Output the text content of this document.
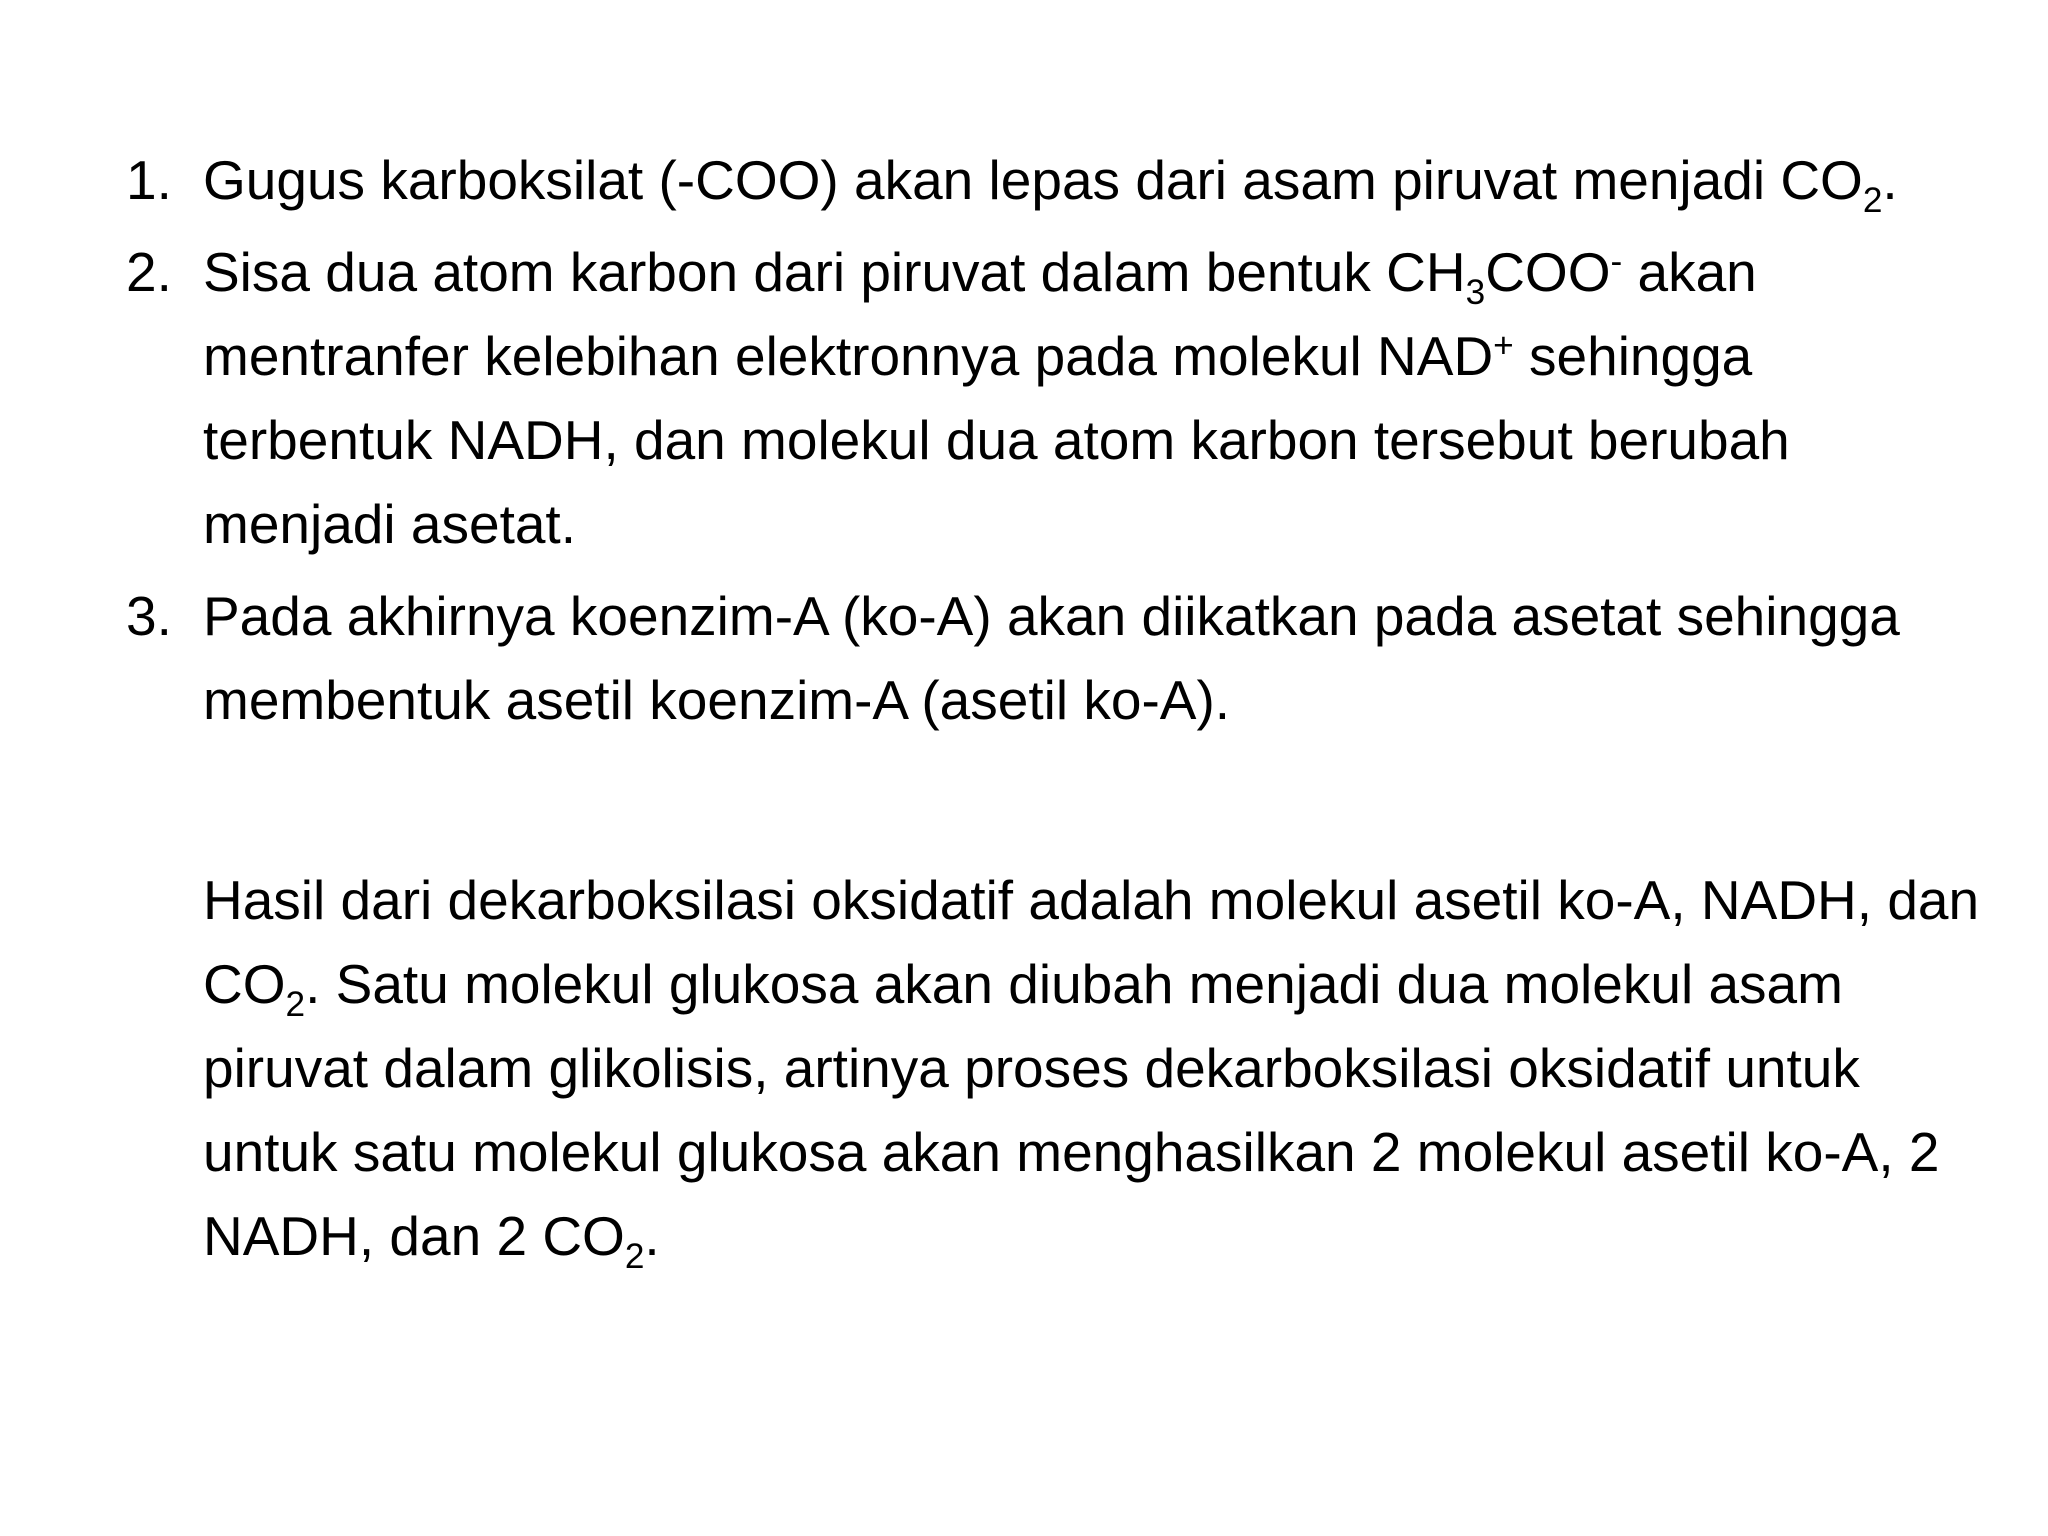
1. Gugus karboksilat (-COO) akan lepas dari asam piruvat menjadi $CO_2$.

2. Sisa dua atom karbon dari piruvat dalam bentuk $CH_3COO^-$ akan mentranfer kelebihan elektronnya pada molekul NAD+ sehingga terbentuk NADH, dan molekul dua atom karbon tersebut berubah menjadi asetat.

3. Pada akhirnya koenzim-A (ko-A) akan diikatkan pada asetat sehingga membentuk asetil koenzim-A (asetil ko-A).

Hasil dari dekarboksilasi oksidatif adalah molekul asetil ko-A, NADH, dan $CO_2$. Satu molekul glukosa akan diubah menjadi dua molekul asam piruvat dalam glikolisis, artinya proses dekarboksilasi oksidatif untuk untuk satu molekul glukosa akan menghasilkan 2 molekul asetil ko-A, 2 NADH, dan 2 $CO_2$.
